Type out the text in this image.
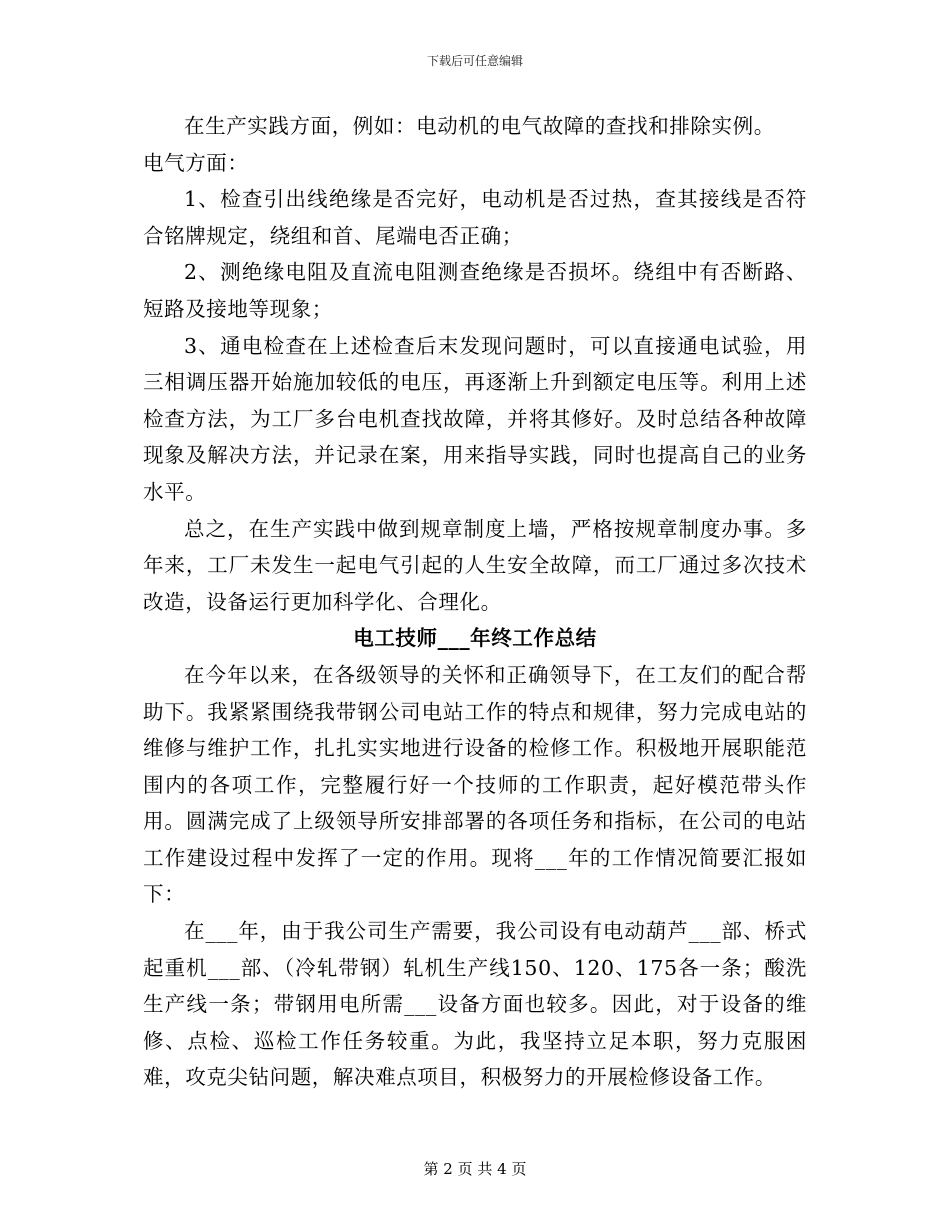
下载后可任意编辑

在生产实践方面，例如：电动机的电气故障的查找和排除实例。

电气方面：

1、检查引出线绝缘是否完好，电动机是否过热，查其接线是否符合铭牌规定，绕组和首、尾端电否正确；

2、测绝缘电阻及直流电阻测查绝缘是否损坏。绕组中有否断路、短路及接地等现象；

3、通电检查在上述检查后末发现问题时，可以直接通电试验，用三相调压器开始施加较低的电压，再逐渐上升到额定电压等。利用上述检查方法，为工厂多台电机查找故障，并将其修好。及时总结各种故障现象及解决方法，并记录在案，用来指导实践，同时也提高自己的业务水平。

总之，在生产实践中做到规章制度上墙，严格按规章制度办事。多年来，工厂未发生一起电气引起的人生安全故障，而工厂通过多次技术改造，设备运行更加科学化、合理化。

电工技师___年终工作总结

在今年以来，在各级领导的关怀和正确领导下，在工友们的配合帮助下。我紧紧围绕我带钢公司电站工作的特点和规律，努力完成电站的维修与维护工作，扎扎实实地进行设备的检修工作。积极地开展职能范围内的各项工作，完整履行好一个技师的工作职责，起好模范带头作用。圆满完成了上级领导所安排部署的各项任务和指标，在公司的电站工作建设过程中发挥了一定的作用。现将___年的工作情况简要汇报如下：

在___年，由于我公司生产需要，我公司设有电动葫芦___部、桥式起重机___部、（冷轧带钢）轧机生产线150、120、175各一条；酸洗生产线一条；带钢用电所需___设备方面也较多。因此，对于设备的维修、点检、巡检工作任务较重。为此，我坚持立足本职，努力克服困难，攻克尖钻问题，解决难点项目，积极努力的开展检修设备工作。

第 2 页 共 4 页
